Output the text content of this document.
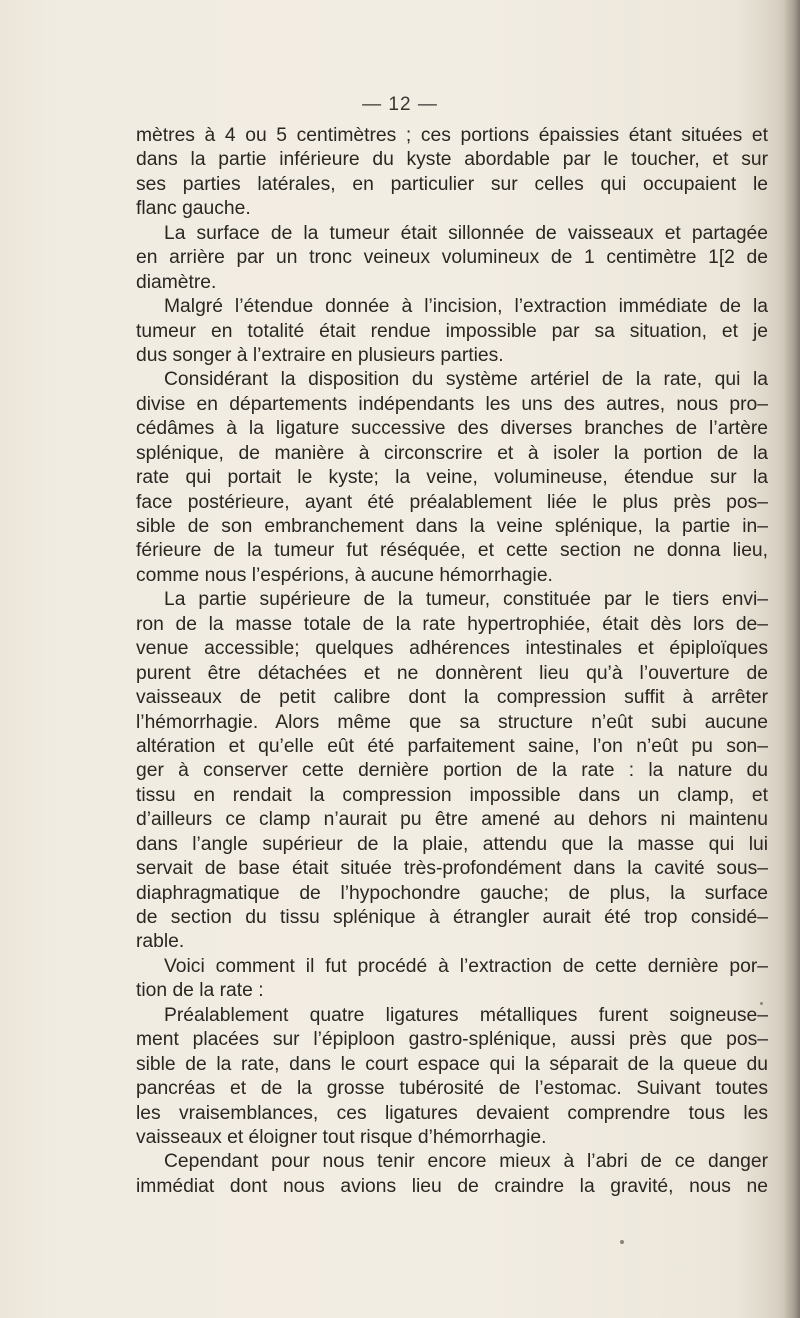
— 12 —
mètres à 4 ou 5 centimètres ; ces portions épaissies étant situées et
dans la partie inférieure du kyste abordable par le toucher, et sur
ses parties latérales, en particulier sur celles qui occupaient le
flanc gauche.
La surface de la tumeur était sillonnée de vaisseaux et partagée
en arrière par un tronc veineux volumineux de 1 centimètre 1[2 de
diamètre.
Malgré l’étendue donnée à l’incision, l’extraction immédiate de la
tumeur en totalité était rendue impossible par sa situation, et je
dus songer à l’extraire en plusieurs parties.
Considérant la disposition du système artériel de la rate, qui la
divise en départements indépendants les uns des autres, nous pro–
cédâmes à la ligature successive des diverses branches de l’artère
splénique, de manière à circonscrire et à isoler la portion de la
rate qui portait le kyste; la veine, volumineuse, étendue sur la
face postérieure, ayant été préalablement liée le plus près pos–
sible de son embranchement dans la veine splénique, la partie in–
férieure de la tumeur fut réséquée, et cette section ne donna lieu,
comme nous l’espérions, à aucune hémorrhagie.
La partie supérieure de la tumeur, constituée par le tiers envi–
ron de la masse totale de la rate hypertrophiée, était dès lors de–
venue accessible; quelques adhérences intestinales et épiploïques
purent être détachées et ne donnèrent lieu qu’à l’ouverture de
vaisseaux de petit calibre dont la compression suffit à arrêter
l’hémorrhagie. Alors même que sa structure n’eût subi aucune
altération et qu’elle eût été parfaitement saine, l’on n’eût pu son–
ger à conserver cette dernière portion de la rate : la nature du
tissu en rendait la compression impossible dans un clamp, et
d’ailleurs ce clamp n’aurait pu être amené au dehors ni maintenu
dans l’angle supérieur de la plaie, attendu que la masse qui lui
servait de base était située très-profondément dans la cavité sous–
diaphragmatique de l’hypochondre gauche; de plus, la surface
de section du tissu splénique à étrangler aurait été trop considé–
rable.
Voici comment il fut procédé à l’extraction de cette dernière por–
tion de la rate :
Préalablement quatre ligatures métalliques furent soigneuse–
ment placées sur l’épiploon gastro-splénique, aussi près que pos–
sible de la rate, dans le court espace qui la séparait de la queue du
pancréas et de la grosse tubérosité de l’estomac. Suivant toutes
les vraisemblances, ces ligatures devaient comprendre tous les
vaisseaux et éloigner tout risque d’hémorrhagie.
Cependant pour nous tenir encore mieux à l’abri de ce danger
immédiat dont nous avions lieu de craindre la gravité, nous ne
